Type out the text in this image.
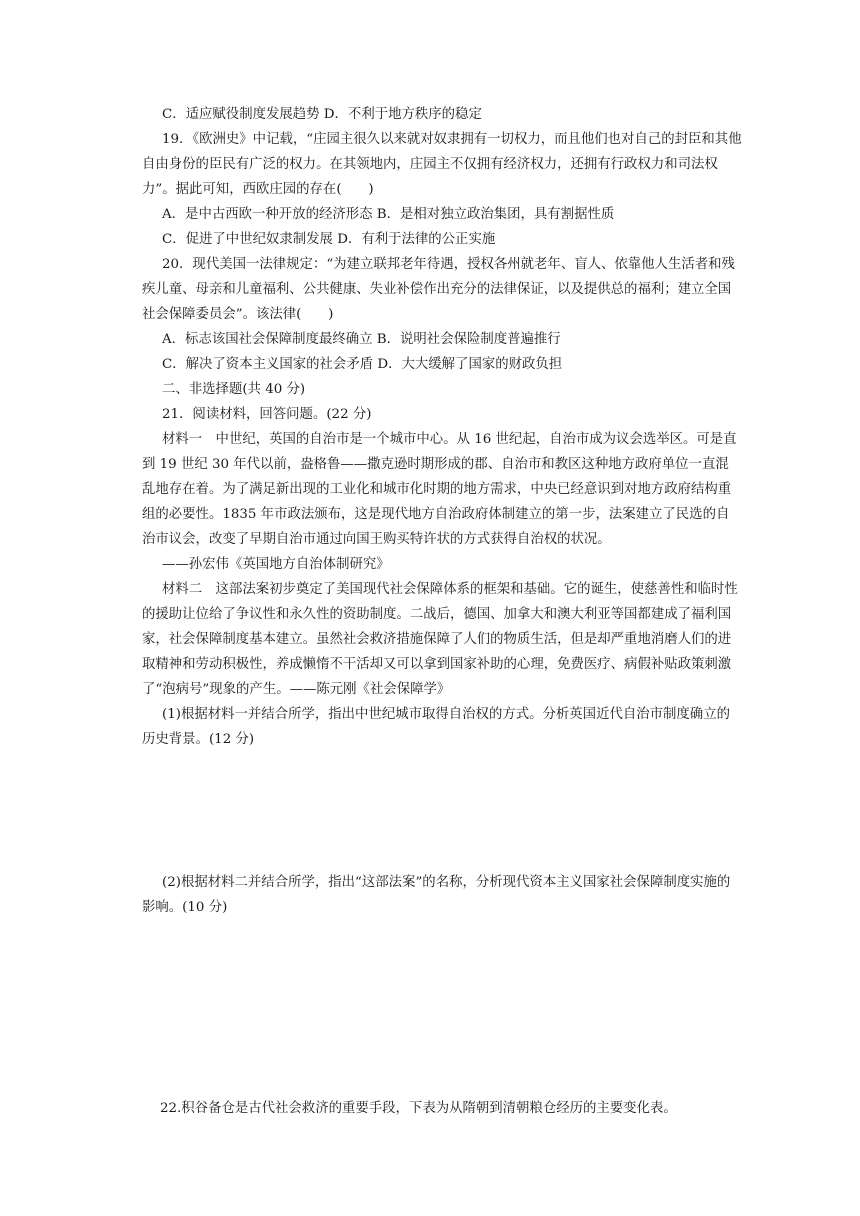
C．适应赋役制度发展趋势 D．不利于地方秩序的稳定

19．《欧洲史》中记载，“庄园主很久以来就对奴隶拥有一切权力，而且他们也对自己的封臣和其他自由身份的臣民有广泛的权力。在其领地内，庄园主不仅拥有经济权力，还拥有行政权力和司法权力”。据此可知，西欧庄园的存在(　　)

A．是中古西欧一种开放的经济形态 B．是相对独立政治集团，具有割据性质

C．促进了中世纪奴隶制发展 D．有利于法律的公正实施

20．现代美国一法律规定：“为建立联邦老年待遇，授权各州就老年、盲人、依靠他人生活者和残疾儿童、母亲和儿童福利、公共健康、失业补偿作出充分的法律保证，以及提供总的福利；建立全国社会保障委员会”。该法律(　　)

A．标志该国社会保障制度最终确立 B．说明社会保险制度普遍推行

C．解决了资本主义国家的社会矛盾 D．大大缓解了国家的财政负担

二、非选择题(共 40 分)

21．阅读材料，回答问题。(22 分)

材料一　中世纪，英国的自治市是一个城市中心。从 16 世纪起，自治市成为议会选举区。可是直到 19 世纪 30 年代以前，盎格鲁——撒克逊时期形成的郡、自治市和教区这种地方政府单位一直混乱地存在着。为了满足新出现的工业化和城市化时期的地方需求，中央已经意识到对地方政府结构重组的必要性。1835 年市政法颁布，这是现代地方自治政府体制建立的第一步，法案建立了民选的自治市议会，改变了早期自治市通过向国王购买特许状的方式获得自治权的状况。

——孙宏伟《英国地方自治体制研究》

材料二　这部法案初步奠定了美国现代社会保障体系的框架和基础。它的诞生，使慈善性和临时性的援助让位给了争议性和永久性的资助制度。二战后，德国、加拿大和澳大利亚等国都建成了福利国家，社会保障制度基本建立。虽然社会救济措施保障了人们的物质生活，但是却严重地消磨人们的进取精神和劳动积极性，养成懒惰不干活却又可以拿到国家补助的心理，免费医疗、病假补贴政策刺激了“泡病号”现象的产生。——陈元刚《社会保障学》

(1)根据材料一并结合所学，指出中世纪城市取得自治权的方式。分析英国近代自治市制度确立的历史背景。(12 分)

(2)根据材料二并结合所学，指出“这部法案”的名称，分析现代资本主义国家社会保障制度实施的影响。(10 分)

22.积谷备仓是古代社会救济的重要手段，下表为从隋朝到清朝粮仓经历的主要变化表。
